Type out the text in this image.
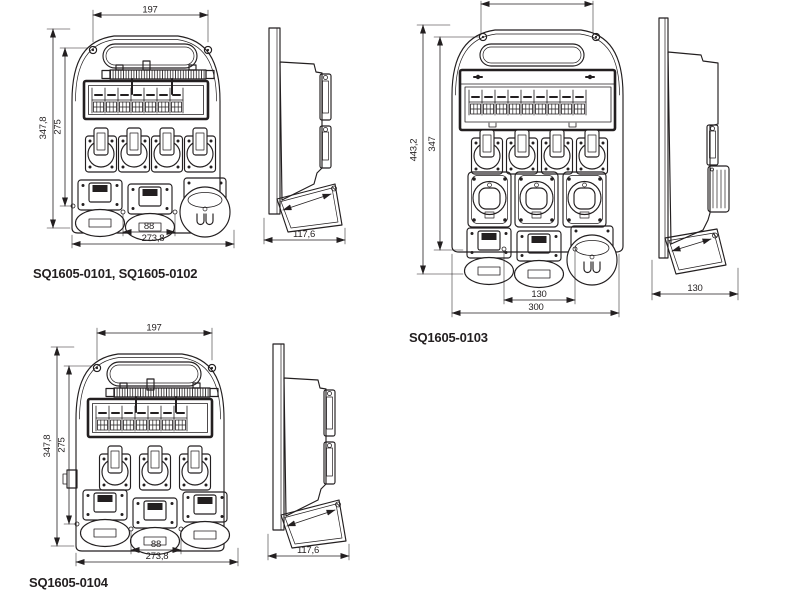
197
347,8 275
88
273,8	117,6
SQ1605-0101, SQ1605-0102
443,2 347
130
300
130
SQ1605-0103
197
347,8 275
88
273,8
117,6
SQ1605-0104
